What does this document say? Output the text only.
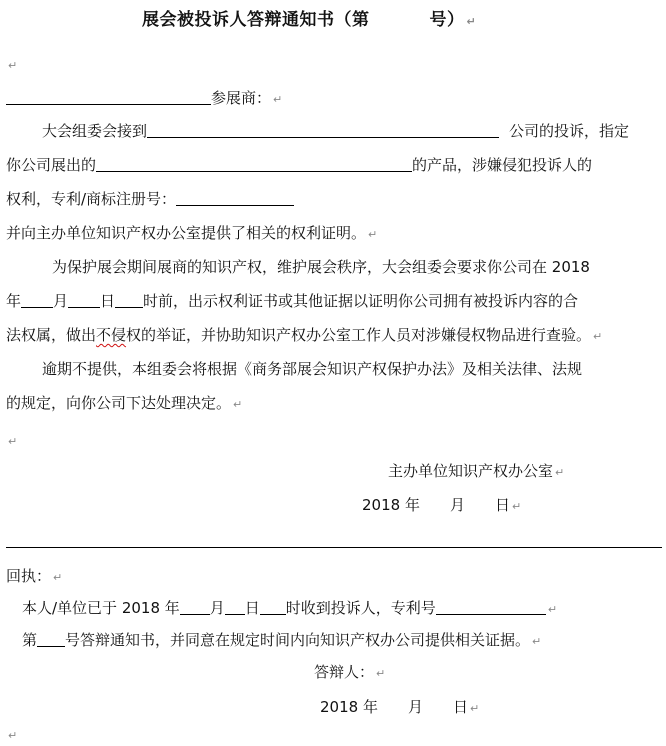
展会被投诉人答辩通知书（第	号） ↵
↵
参展商： ↵
大会组委会接到	公司的投诉，指定
你公司展出的	的产品，涉嫌侵犯投诉人的
权利，专利/商标注册号：
并向主办单位知识产权办公室提供了相关的权利证明。 ↵
为保护展会期间展商的知识产权，维护展会秩序，大会组委会要求你公司在 2018
年 月 日 时前，出示权利证书或其他证据以证明你公司拥有被投诉内容的合
法权属，做出不侵权的举证，并协助知识产权办公室工作人员对涉嫌侵权物品进行查验。 ↵
逾期不提供，本组委会将根据《商务部展会知识产权保护办法》及相关法律、法规
的规定，向你公司下达处理决定。 ↵
↵
主办单位知识产权办公室 ↵
2018 年　　月　　日 ↵
回执： ↵
本人/单位已于 2018 年 月 日 时收到投诉人，专利号	↵
第 号答辩通知书，并同意在规定时间内向知识产权办公司提供相关证据。 ↵
答辩人： ↵
2018 年　　月　　日 ↵
↵
